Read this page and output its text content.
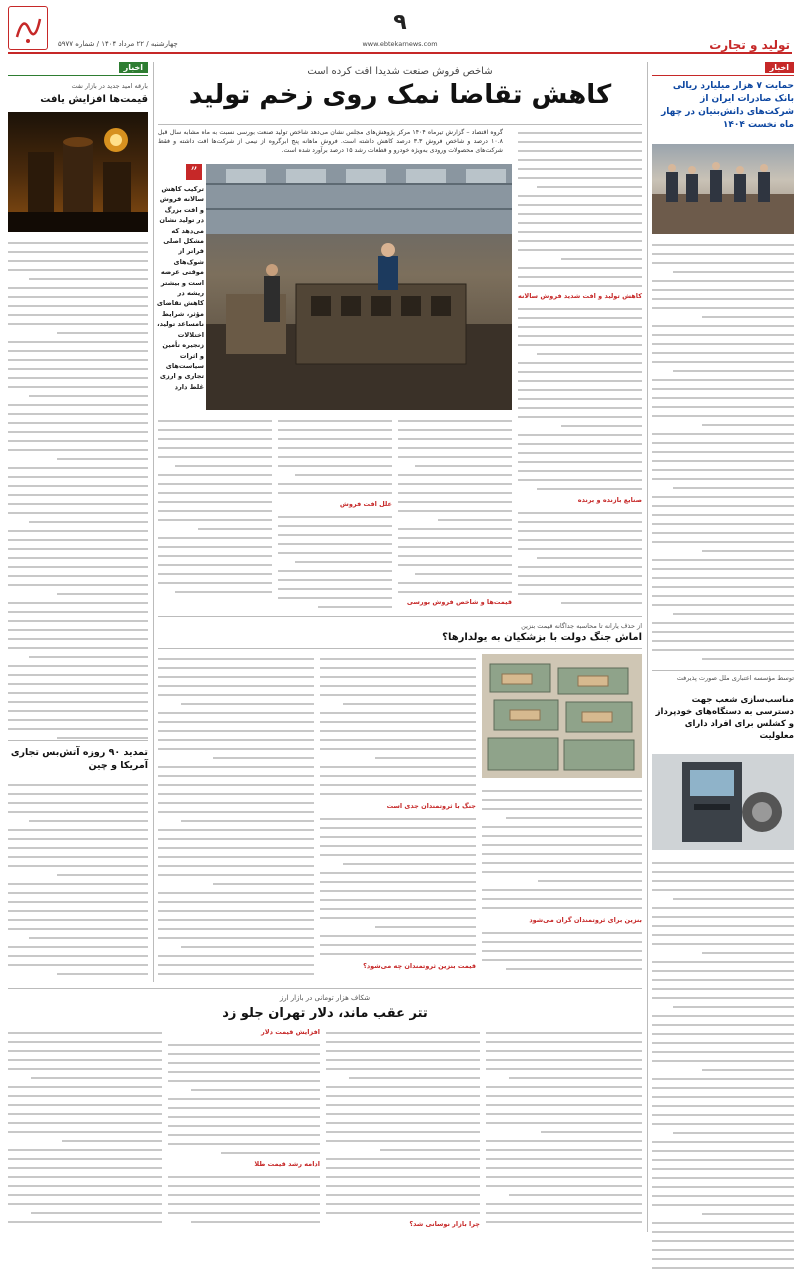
چهارشنبه / ۲۲ مرداد ۱۴۰۴ / شماره ۵۹۷۷
۹
www.ebtekarnews.com	تولید و تجارت
اخبار
حمایت ۷ هزار میلیارد ریالی بانک صادرات ایران از شرکت‌های دانش‌بنیان در چهار ماه نخست ۱۴۰۴
توسط مؤسسه اعتباری ملل صورت پذیرفت
مناسب‌سازی شعب جهت دسترسی به دستگاه‌های خودپرداز و کشلس برای افراد دارای معلولیت
اخبار
بارقه امید جدید در بازار نفت
قیمت‌ها افزایش یافت
تمدید ۹۰ روزه آتش‌بس تجاری آمریکا و چین
شاخص فروش صنعت شدیدا افت کرده است
کاهش تقاضا نمک روی زخم تولید
گروه اقتصاد – گزارش تیرماه ۱۴۰۴ مرکز پژوهش‌های مجلس نشان می‌دهد شاخص تولید صنعت بورسی نسبت به ماه مشابه سال قبل ۱۰.۸ درصد و شاخص فروش ۳.۳ درصد کاهش داشته است. فروش ماهانه پنج ابرگروه از نیمی از شرکت‌ها افت داشته و فقط شرکت‌های محصولات ورودی به‌ویژه خودرو و قطعات رشد ۱۵ درصد برآورد شده است.
کاهش تولید و افت شدید فروش سالانه
صنایع بازنده و برنده
”
ترکیب کاهش سالانه فروش و افت بزرگ در تولید نشان می‌دهد که مشکل اصلی فراتر از شوک‌های موقتی عرضه است و بیشتر ریشه در کاهش تقاضای مؤثر، شرایط نامساعد تولید، اختلالات زنجیره تأمین و اثرات سیاست‌های تجاری و ارزی غلط دارد
قیمت‌ها و شاخص فروش بورسی
علل افت فروش
از حذف یارانه تا محاسبه جداگانه قیمت بنزین
اما‌ش جنگ دولت با بزشکیان به یولدار‌ها؟
جنگ با ثروتمندان جدی است
قیمت بنزین ثروتمندان چه می‌شود؟
بنزین برای ثروتمندان گران می‌شود
شکاف هزار تومانی در بازار ارز
تتر عقب ماند، دلار تهران جلو زد
چرا بازار نوسانی شد؟
افزایش قیمت دلار
ادامه رشد قیمت طلا
